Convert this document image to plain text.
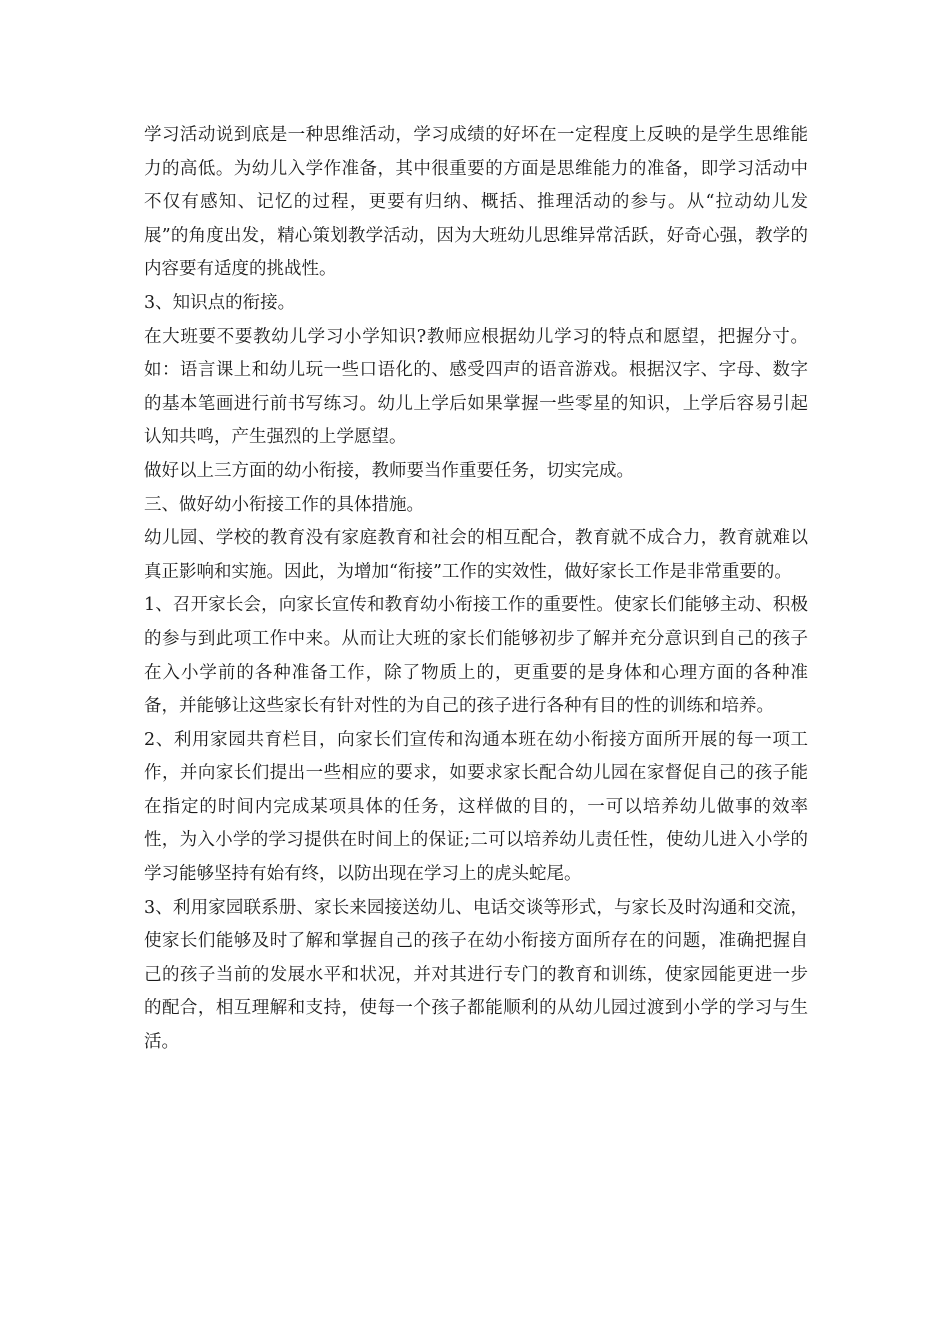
学习活动说到底是一种思维活动，学习成绩的好坏在一定程度上反映的是学生思维能力的高低。为幼儿入学作准备，其中很重要的方面是思维能力的准备，即学习活动中不仅有感知、记忆的过程，更要有归纳、概括、推理活动的参与。从“拉动幼儿发展”的角度出发，精心策划教学活动，因为大班幼儿思维异常活跃，好奇心强，教学的内容要有适度的挑战性。

3、知识点的衔接。

在大班要不要教幼儿学习小学知识?教师应根据幼儿学习的特点和愿望，把握分寸。如：语言课上和幼儿玩一些口语化的、感受四声的语音游戏。根据汉字、字母、数字的基本笔画进行前书写练习。幼儿上学后如果掌握一些零星的知识，上学后容易引起认知共鸣，产生强烈的上学愿望。

做好以上三方面的幼小衔接，教师要当作重要任务，切实完成。

三、做好幼小衔接工作的具体措施。

幼儿园、学校的教育没有家庭教育和社会的相互配合，教育就不成合力，教育就难以真正影响和实施。因此，为增加“衔接”工作的实效性，做好家长工作是非常重要的。

1、召开家长会，向家长宣传和教育幼小衔接工作的重要性。使家长们能够主动、积极的参与到此项工作中来。从而让大班的家长们能够初步了解并充分意识到自己的孩子在入小学前的各种准备工作，除了物质上的，更重要的是身体和心理方面的各种准备，并能够让这些家长有针对性的为自己的孩子进行各种有目的性的训练和培养。

2、利用家园共育栏目，向家长们宣传和沟通本班在幼小衔接方面所开展的每一项工作，并向家长们提出一些相应的要求，如要求家长配合幼儿园在家督促自己的孩子能在指定的时间内完成某项具体的任务，这样做的目的，一可以培养幼儿做事的效率性，为入小学的学习提供在时间上的保证;二可以培养幼儿责任性，使幼儿进入小学的学习能够坚持有始有终，以防出现在学习上的虎头蛇尾。

3、利用家园联系册、家长来园接送幼儿、电话交谈等形式，与家长及时沟通和交流，使家长们能够及时了解和掌握自己的孩子在幼小衔接方面所存在的问题，准确把握自己的孩子当前的发展水平和状况，并对其进行专门的教育和训练，使家园能更进一步的配合，相互理解和支持，使每一个孩子都能顺利的从幼儿园过渡到小学的学习与生活。
